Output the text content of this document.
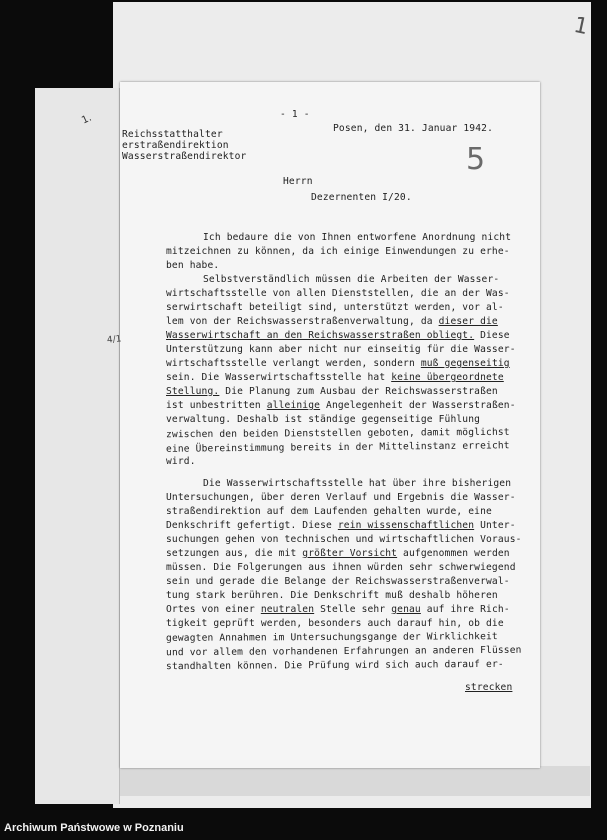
1
1.	- 1 -
Reichsstatthalter
erstraßendirektion
Wasserstraßendirektor
Posen, den 31. Januar 1942.
5
Herrn
Dezernenten I/20.
4/1
Ich bedaure die von Ihnen entworfene Anordnung nicht
mitzeichnen zu können, da ich einige Einwendungen zu erhe-
ben habe.
Selbstverständlich müssen die Arbeiten der Wasser-
wirtschaftsstelle von allen Dienststellen, die an der Was-
serwirtschaft beteiligt sind, unterstützt werden, vor al-
lem von der Reichswasserstraßenverwaltung, da dieser die
Wasserwirtschaft an den Reichswasserstraßen obliegt. Diese
Unterstützung kann aber nicht nur einseitig für die Wasser-
wirtschaftsstelle verlangt werden, sondern muß gegenseitig
sein. Die Wasserwirtschaftsstelle hat keine übergeordnete
Stellung. Die Planung zum Ausbau der Reichswasserstraßen
ist unbestritten alleinige Angelegenheit der Wasserstraßen-
verwaltung. Deshalb ist ständige gegenseitige Fühlung
zwischen den beiden Dienststellen geboten, damit möglichst
eine Übereinstimmung bereits in der Mittelinstanz erreicht
wird.
Die Wasserwirtschaftsstelle hat über ihre bisherigen
Untersuchungen, über deren Verlauf und Ergebnis die Wasser-
straßendirektion auf dem Laufenden gehalten wurde, eine
Denkschrift gefertigt. Diese rein wissenschaftlichen Unter-
suchungen gehen von technischen und wirtschaftlichen Voraus-
setzungen aus, die mit größter Vorsicht aufgenommen werden
müssen. Die Folgerungen aus ihnen würden sehr schwerwiegend
sein und gerade die Belange der Reichswasserstraßenverwal-
tung stark berühren. Die Denkschrift muß deshalb höheren
Ortes von einer neutralen Stelle sehr genau auf ihre Rich-
tigkeit geprüft werden, besonders auch darauf hin, ob die
gewagten Annahmen im Untersuchungsgange der Wirklichkeit
und vor allem den vorhandenen Erfahrungen an anderen Flüssen
standhalten können. Die Prüfung wird sich auch darauf er-
strecken
Archiwum Państwowe w Poznaniu
